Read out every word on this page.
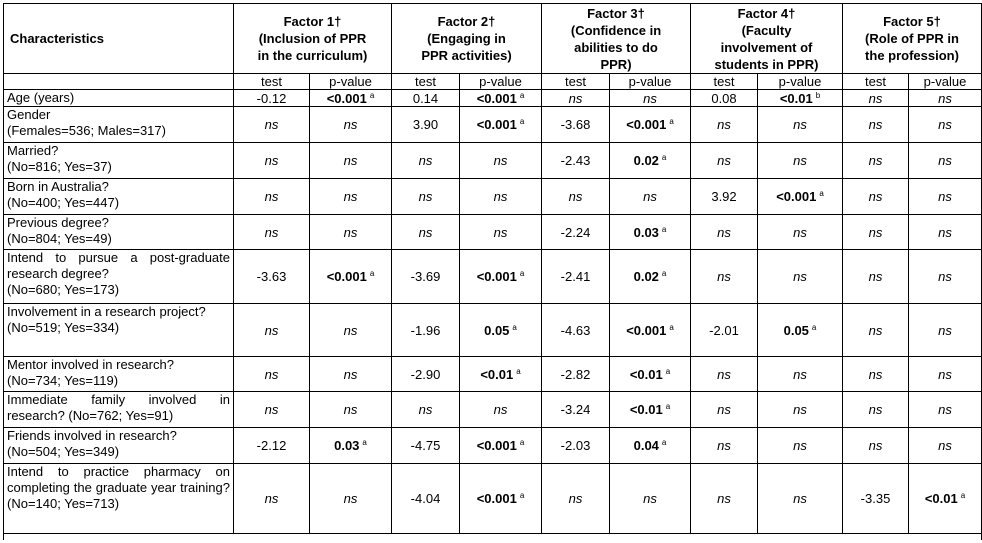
Characteristics	Factor 1†
(Inclusion of PPR
in the curriculum)		Factor 2†
(Engaging in
PPR activities)		Factor 3†
(Confidence in
abilities to do
PPR)		Factor 4†
(Faculty
involvement of
students in PPR)		Factor 5†
(Role of PPR in
the profession)	
	test	p-value	test	p-value	test	p-value	test	p-value	test	p-value
Age (years)	-0.12	<0.001 $^a$	0.14	<0.001 $^a$	ns	ns	0.08	<0.01 $^b$	ns	ns
Gender
(Females=536; Males=317)	ns	ns	3.90	<0.001 $^a$	-3.68	<0.001 $^a$	ns	ns	ns	ns
Married?
(No=816; Yes=37)	ns	ns	ns	ns	-2.43	0.02 $^a$	ns	ns	ns	ns
Born in Australia?
(No=400; Yes=447)	ns	ns	ns	ns	ns	ns	3.92	<0.001 $^a$	ns	ns
Previous degree?
(No=804; Yes=49)	ns	ns	ns	ns	-2.24	0.03 $^a$	ns	ns	ns	ns
Intend to pursue a post-graduate research degree?
(No=680; Yes=173)	-3.63	<0.001 $^a$	-3.69	<0.001 $^a$	-2.41	0.02 $^a$	ns	ns	ns	ns
Involvement in a research project?
(No=519; Yes=334)	ns	ns	-1.96	0.05 $^a$	-4.63	<0.001 $^a$	-2.01	0.05 $^a$	ns	ns
Mentor involved in research?
(No=734; Yes=119)	ns	ns	-2.90	<0.01 $^a$	-2.82	<0.01 $^a$	ns	ns	ns	ns
Immediate family involved in research? (No=762; Yes=91)	ns	ns	ns	ns	-3.24	<0.01 $^a$	ns	ns	ns	ns
Friends involved in research?
(No=504; Yes=349)	-2.12	0.03 $^a$	-4.75	<0.001 $^a$	-2.03	0.04 $^a$	ns	ns	ns	ns
Intend to practice pharmacy on completing the graduate year training? (No=140; Yes=713)	ns	ns	-4.04	<0.001 $^a$	ns	ns	ns	ns	-3.35	<0.01 $^a$
